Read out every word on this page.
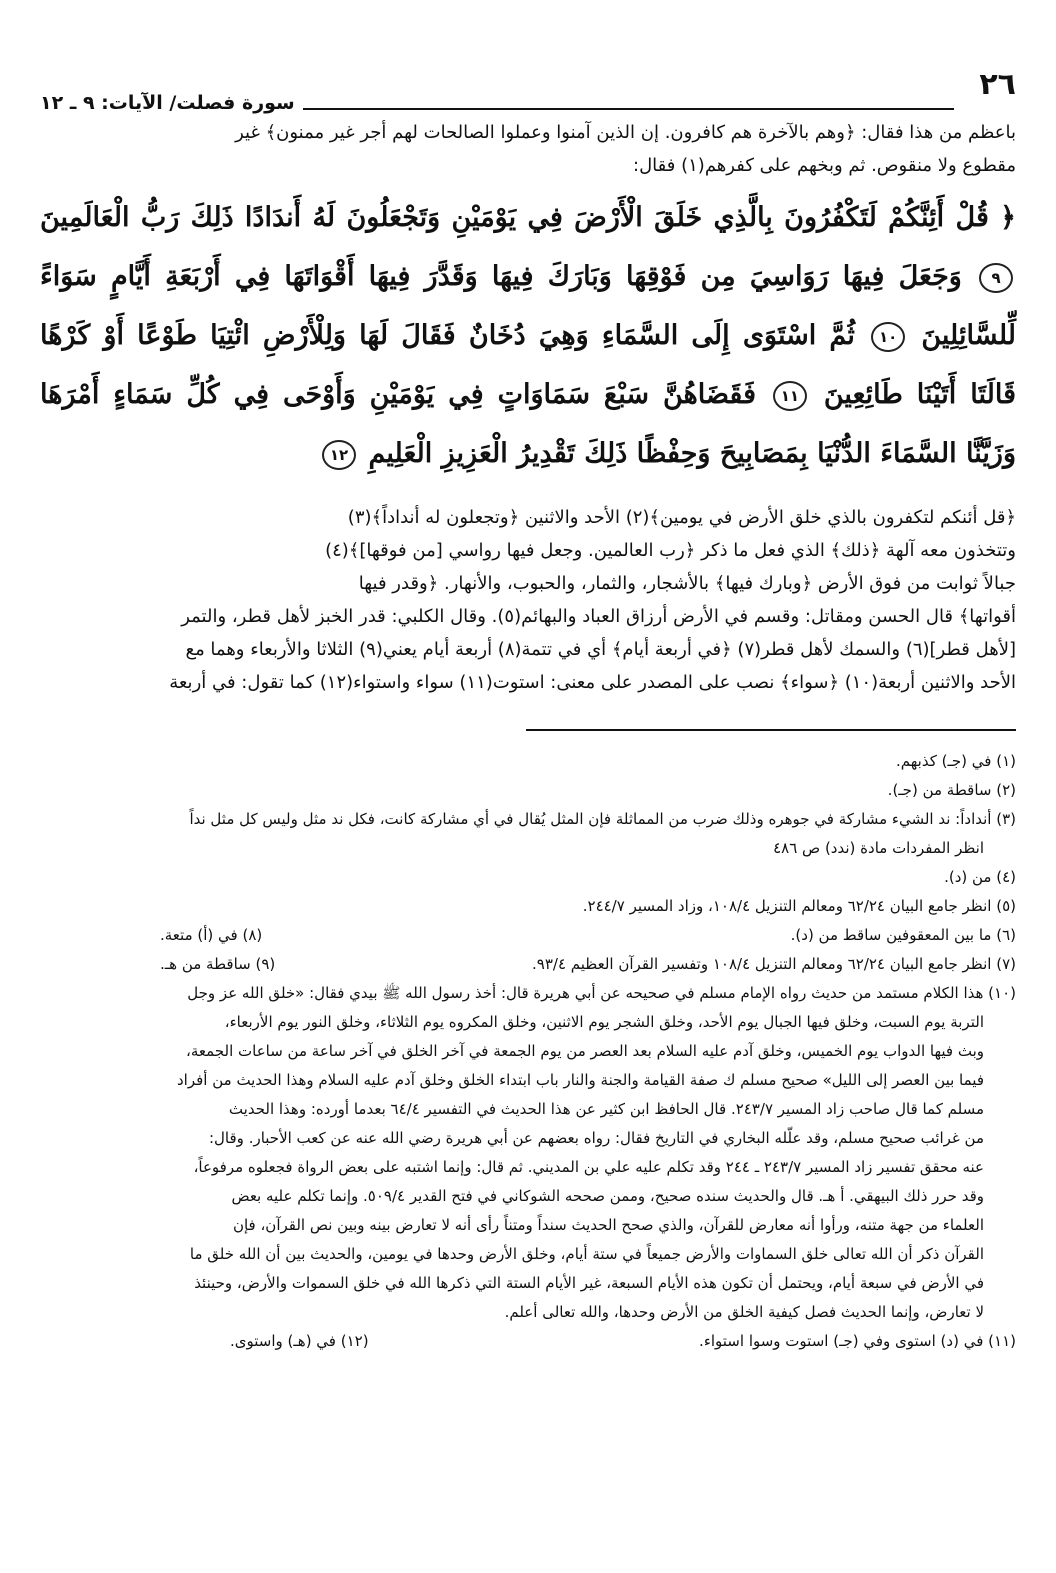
٢٦
سورة فصلت/ الآيات: ٩ ـ ١٢
باعظم من هذا فقال: ﴿وهم بالآخرة هم كافرون. إن الذين آمنوا وعملوا الصالحات لهم أجر غير ممنون﴾ غير
مقطوع ولا منقوص. ثم وبخهم على كفرهم(١) فقال:
﴿ قُلْ أَئِنَّكُمْ لَتَكْفُرُونَ بِالَّذِي خَلَقَ الْأَرْضَ فِي يَوْمَيْنِ وَتَجْعَلُونَ لَهُ أَندَادًا ذَلِكَ رَبُّ الْعَالَمِينَ ٩ وَجَعَلَ فِيهَا رَوَاسِيَ مِن فَوْقِهَا وَبَارَكَ فِيهَا وَقَدَّرَ فِيهَا أَقْوَاتَهَا فِي أَرْبَعَةِ أَيَّامٍ سَوَاءً لِّلسَّائِلِينَ ١٠ ثُمَّ اسْتَوَى إِلَى السَّمَاءِ وَهِيَ دُخَانٌ فَقَالَ لَهَا وَلِلْأَرْضِ ائْتِيَا طَوْعًا أَوْ كَرْهًا قَالَتَا أَتَيْنَا طَائِعِينَ ١١ فَقَضَاهُنَّ سَبْعَ سَمَاوَاتٍ فِي يَوْمَيْنِ وَأَوْحَى فِي كُلِّ سَمَاءٍ أَمْرَهَا وَزَيَّنَّا السَّمَاءَ الدُّنْيَا بِمَصَابِيحَ وَحِفْظًا ذَلِكَ تَقْدِيرُ الْعَزِيزِ الْعَلِيمِ ١٢
﴿قل أئنكم لتكفرون بالذي خلق الأرض في يومين﴾(٢) الأحد والاثنين ﴿وتجعلون له أنداداً﴾(٣)
وتتخذون معه آلهة ﴿ذلك﴾ الذي فعل ما ذكر ﴿رب العالمين. وجعل فيها رواسي [من فوقها]﴾(٤)
جبالاً ثوابت من فوق الأرض ﴿وبارك فيها﴾ بالأشجار، والثمار، والحبوب، والأنهار. ﴿وقدر فيها
أقواتها﴾ قال الحسن ومقاتل: وقسم في الأرض أرزاق العباد والبهائم(٥). وقال الكلبي: قدر الخبز لأهل قطر، والتمر
[لأهل قطر](٦) والسمك لأهل قطر(٧) ﴿في أربعة أيام﴾ أي في تتمة(٨) أربعة أيام يعني(٩) الثلاثا والأربعاء وهما مع
الأحد والاثنين أربعة(١٠) ﴿سواء﴾ نصب على المصدر على معنى: استوت(١١) سواء واستواء(١٢) كما تقول: في أربعة
(١) في (جـ) كذبهم.
(٢) ساقطة من (جـ).
(٣) أنداداً: ند الشيء مشاركة في جوهره وذلك ضرب من المماثلة فإن المثل يُقال في أي مشاركة كانت، فكل ند مثل وليس كل مثل نداً
انظر المفردات مادة (ندد) ص ٤٨٦
(٤) من (د).
(٥) انظر جامع البيان ٦٢/٢٤ ومعالم التنزيل ١٠٨/٤، وزاد المسير ٢٤٤/٧.
(٦) ما بين المعقوفين ساقط من (د).
(٨) في (أ) متعة.
(٧) انظر جامع البيان ٦٢/٢٤ ومعالم التنزيل ١٠٨/٤ وتفسير القرآن العظيم ٩٣/٤.
(٩) ساقطة من هـ.
(١٠) هذا الكلام مستمد من حديث رواه الإمام مسلم في صحيحه عن أبي هريرة قال: أخذ رسول الله ﷺ بيدي فقال: «خلق الله عز وجل
التربة يوم السبت، وخلق فيها الجبال يوم الأحد، وخلق الشجر يوم الاثنين، وخلق المكروه يوم الثلاثاء، وخلق النور يوم الأربعاء،
وبث فيها الدواب يوم الخميس، وخلق آدم عليه السلام بعد العصر من يوم الجمعة في آخر الخلق في آخر ساعة من ساعات الجمعة،
فيما بين العصر إلى الليل» صحيح مسلم ك صفة القيامة والجنة والنار باب ابتداء الخلق وخلق آدم عليه السلام وهذا الحديث من أفراد
مسلم كما قال صاحب زاد المسير ٢٤٣/٧. قال الحافظ ابن كثير عن هذا الحديث في التفسير ٦٤/٤ بعدما أورده: وهذا الحديث
من غرائب صحيح مسلم، وقد علّله البخاري في التاريخ فقال: رواه بعضهم عن أبي هريرة رضي الله عنه عن كعب الأحبار. وقال:
عنه محقق تفسير زاد المسير ٢٤٣/٧ ـ ٢٤٤ وقد تكلم عليه علي بن المديني. ثم قال: وإنما اشتبه على بعض الرواة فجعلوه مرفوعاً،
وقد حرر ذلك البيهقي. أ هـ. قال والحديث سنده صحيح، وممن صححه الشوكاني في فتح القدير ٥٠٩/٤. وإنما تكلم عليه بعض
العلماء من جهة متنه، ورأوا أنه معارض للقرآن، والذي صحح الحديث سنداً ومتناً رأى أنه لا تعارض بينه وبين نص القرآن، فإن
القرآن ذكر أن الله تعالى خلق السماوات والأرض جميعاً في ستة أيام، وخلق الأرض وحدها في يومين، والحديث بين أن الله خلق ما
في الأرض في سبعة أيام، ويحتمل أن تكون هذه الأيام السبعة، غير الأيام الستة التي ذكرها الله في خلق السموات والأرض، وحينئذ
لا تعارض، وإنما الحديث فصل كيفية الخلق من الأرض وحدها، والله تعالى أعلم.
(١١) في (د) استوى وفي (جـ) استوت وسوا استواء.
(١٢) في (هـ) واستوى.
